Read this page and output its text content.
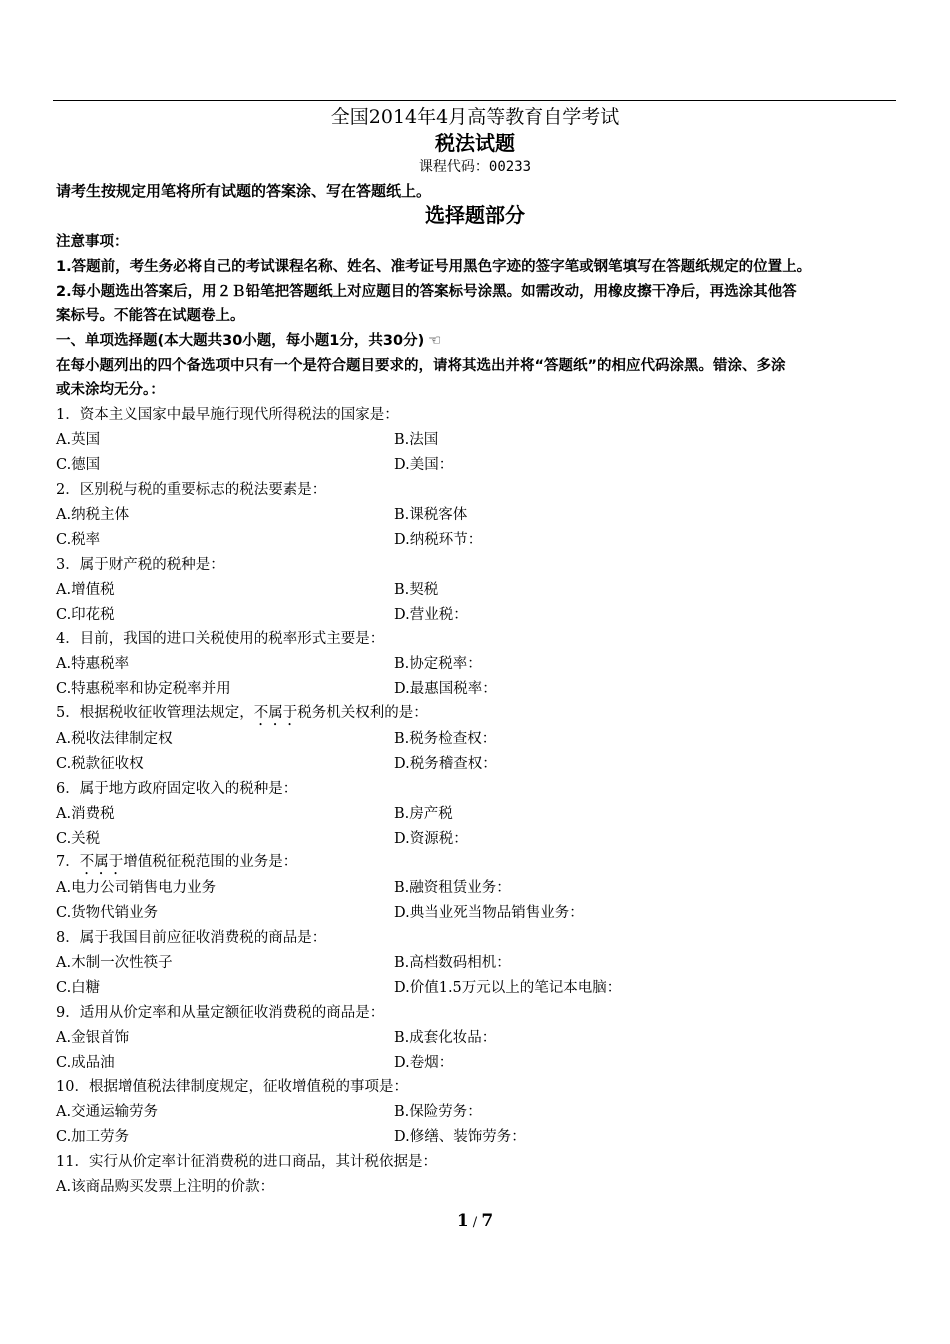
全国2014年4月高等教育自学考试
税法试题
课程代码：00233
请考生按规定用笔将所有试题的答案涂、写在答题纸上。
选择题部分
注意事项：
1.答题前，考生务必将自己的考试课程名称、姓名、准考证号用黑色字迹的签字笔或钢笔填写在答题纸规定的位置上。
2.每小题选出答案后，用２Ｂ铅笔把答题纸上对应题目的答案标号涂黑。如需改动，用橡皮擦干净后，再选涂其他答
案标号。不能答在试题卷上。
一、单项选择题(本大题共30小题，每小题1分，共30分) ☜
在每小题列出的四个备选项中只有一个是符合题目要求的，请将其选出并将“答题纸”的相应代码涂黑。错涂、多涂
或未涂均无分。：
1．资本主义国家中最早施行现代所得税法的国家是：
A.英国	B.法国
C.德国	D.美国：
2．区别税与税的重要标志的税法要素是：
A.纳税主体	B.课税客体
C.税率	D.纳税环节：
3．属于财产税的税种是：
A.增值税	B.契税
C.印花税	D.营业税：
4．目前，我国的进口关税使用的税率形式主要是：
A.特惠税率	B.协定税率：
C.特惠税率和协定税率并用	D.最惠国税率：
5．根据税收征收管理法规定，不属于税务机关权利的是：
A.税收法律制定权	B.税务检查权：
C.税款征收权	D.税务稽查权：
6．属于地方政府固定收入的税种是：
A.消费税	B.房产税
C.关税	D.资源税：
7．不属于增值税征税范围的业务是：
A.电力公司销售电力业务	B.融资租赁业务：
C.货物代销业务	D.典当业死当物品销售业务：
8．属于我国目前应征收消费税的商品是：
A.木制一次性筷子	B.高档数码相机：
C.白糖	D.价值1.5万元以上的笔记本电脑：
9．适用从价定率和从量定额征收消费税的商品是：
A.金银首饰	B.成套化妆品：
C.成品油	D.卷烟：
10．根据增值税法律制度规定，征收增值税的事项是：
A.交通运输劳务	B.保险劳务：
C.加工劳务	D.修缮、装饰劳务：
11．实行从价定率计征消费税的进口商品，其计税依据是：
A.该商品购买发票上注明的价款：
1 / 7
